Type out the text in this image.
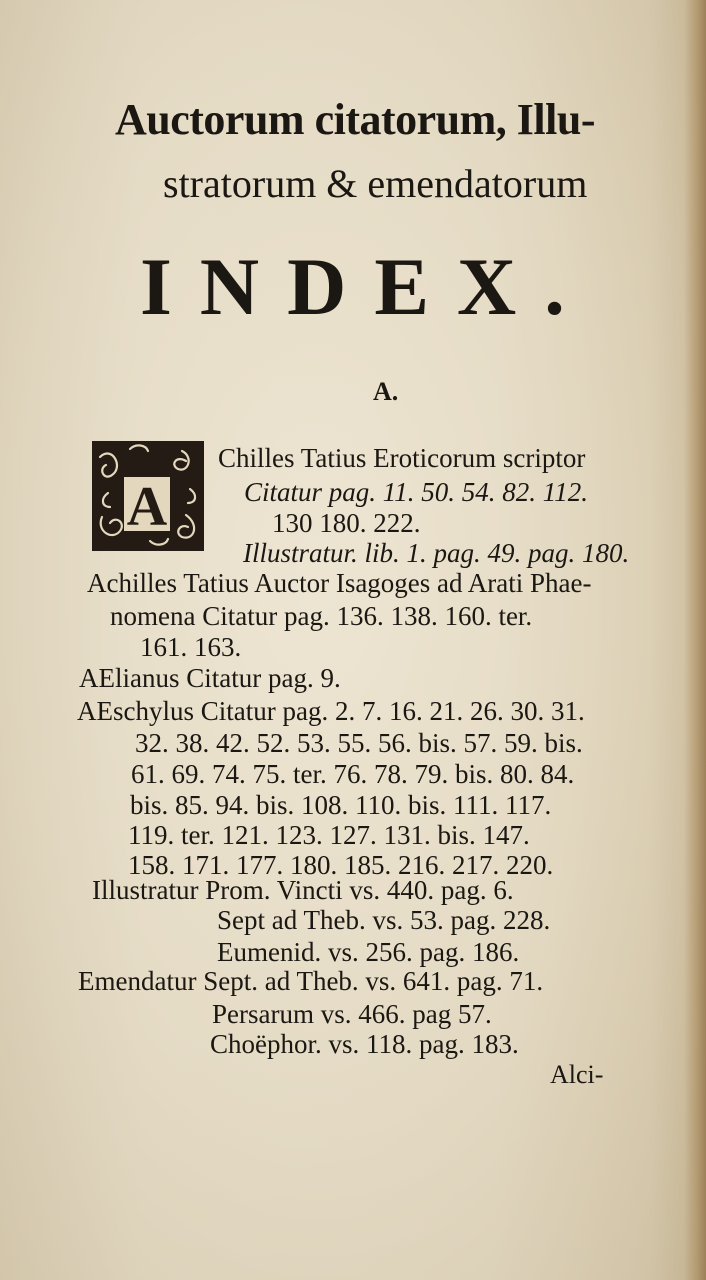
Auctorum citatorum, Illu-
stratorum & emendatorum
INDEX.
A.
A
Chilles Tatius Eroticorum scriptor
Citatur pag. 11. 50. 54. 82. 112.
130 180. 222.
Illustratur. lib. 1. pag. 49. pag. 180.
Achilles Tatius Auctor Isagoges ad Arati Phae-
nomena Citatur pag. 136. 138. 160. ter.
161. 163.
AElianus Citatur pag. 9.
AEschylus Citatur pag. 2. 7. 16. 21. 26. 30. 31.
32. 38. 42. 52. 53. 55. 56. bis. 57. 59. bis.
61. 69. 74. 75. ter. 76. 78. 79. bis. 80. 84.
bis. 85. 94. bis. 108. 110. bis. 111. 117.
119. ter. 121. 123. 127. 131. bis. 147.
158. 171. 177. 180. 185. 216. 217. 220.
Illustratur Prom. Vincti vs. 440. pag. 6.
Sept ad Theb. vs. 53. pag. 228.
Eumenid. vs. 256. pag. 186.
Emendatur Sept. ad Theb. vs. 641. pag. 71.
Persarum vs. 466. pag 57.
Choëphor. vs. 118. pag. 183.
Alci-
